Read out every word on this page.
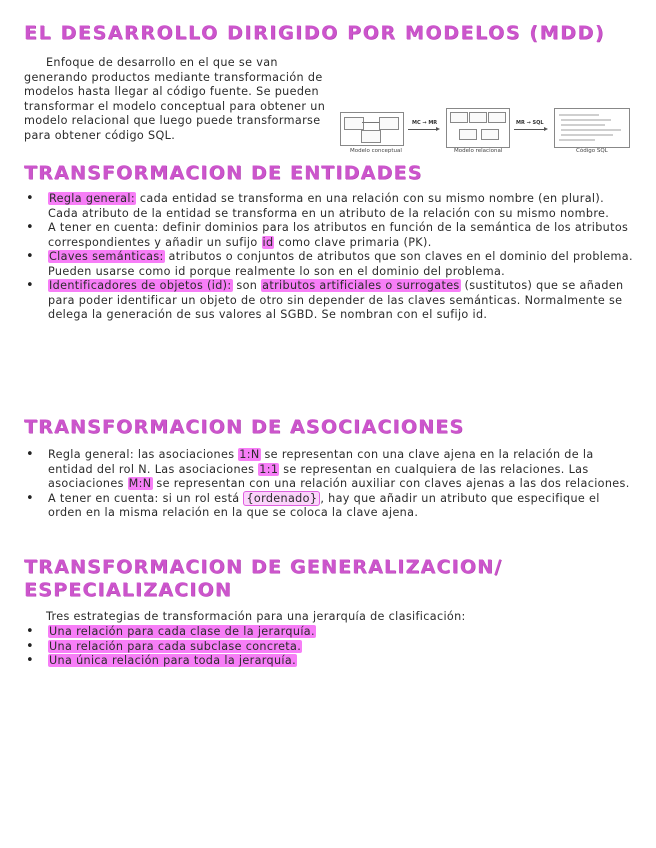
EL DESARROLLO DIRIGIDO POR MODELOS (MDD)

Enfoque de desarrollo en el que se van generando productos mediante transformación de modelos hasta llegar al código fuente. Se pueden transformar el modelo conceptual para obtener un modelo relacional que luego puede transformarse para obtener código SQL.

Modelo conceptual
MC → MR
Modelo relacional
MR → SQL
Código SQL
TRANSFORMACION DE ENTIDADES
• Regla general: cada entidad se transforma en una relación con su mismo nombre (en plural). Cada atributo de la entidad se transforma en un atributo de la relación con su mismo nombre.
• A tener en cuenta: definir dominios para los atributos en función de la semántica de los atributos correspondientes y añadir un sufijo id como clave primaria (PK).
• Claves semánticas: atributos o conjuntos de atributos que son claves en el dominio del problema. Pueden usarse como id porque realmente lo son en el dominio del problema.
• Identificadores de objetos (id): son atributos artificiales o surrogates (sustitutos) que se añaden para poder identificar un objeto de otro sin depender de las claves semánticas. Normalmente se delega la generación de sus valores al SGBD. Se nombran con el sufijo id.
TRANSFORMACION DE ASOCIACIONES
• Regla general: las asociaciones 1:N se representan con una clave ajena en la relación de la entidad del rol N. Las asociaciones 1:1 se representan en cualquiera de las relaciones. Las asociaciones M:N se representan con una relación auxiliar con claves ajenas a las dos relaciones.
• A tener en cuenta: si un rol está {ordenado} , hay que añadir un atributo que especifique el orden en la misma relación en la que se coloca la clave ajena.
TRANSFORMACION DE GENERALIZACION/ ESPECIALIZACION

Tres estrategias de transformación para una jerarquía de clasificación:

• Una relación para cada clase de la jerarquía.
• Una relación para cada subclase concreta.
• Una única relación para toda la jerarquía.
